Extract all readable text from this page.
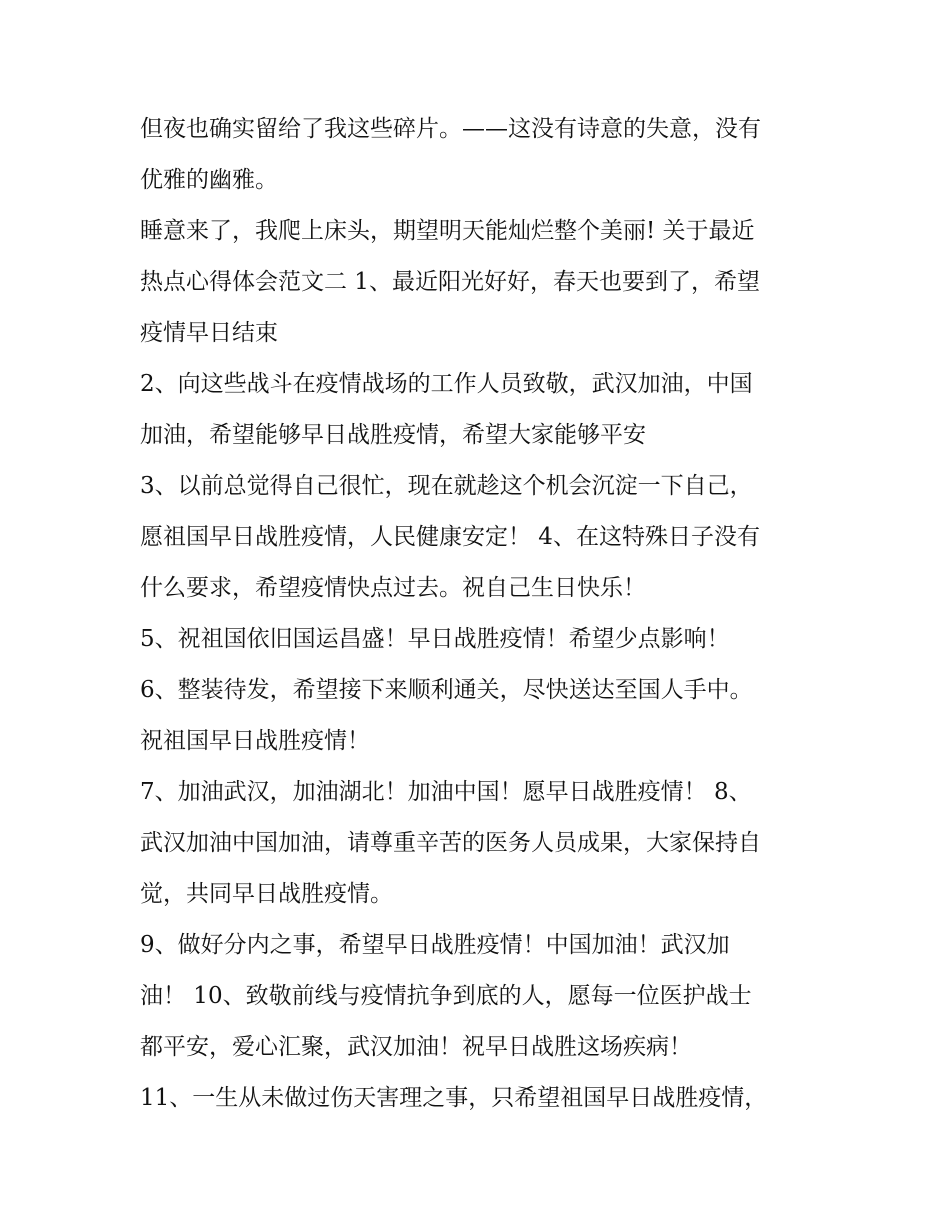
但夜也确实留给了我这些碎片。——这没有诗意的失意，没有
优雅的幽雅。

睡意来了，我爬上床头，期望明天能灿烂整个美丽! 关于最近
热点心得体会范文二 1、最近阳光好好，春天也要到了，希望
疫情早日结束

2、向这些战斗在疫情战场的工作人员致敬，武汉加油，中国
加油，希望能够早日战胜疫情，希望大家能够平安

3、以前总觉得自己很忙，现在就趁这个机会沉淀一下自己，
愿祖国早日战胜疫情，人民健康安定！ 4、在这特殊日子没有
什么要求，希望疫情快点过去。祝自己生日快乐！

5、祝祖国依旧国运昌盛！早日战胜疫情！希望少点影响！

6、整装待发，希望接下来顺利通关，尽快送达至国人手中。
祝祖国早日战胜疫情！

7、加油武汉，加油湖北！加油中国！愿早日战胜疫情！ 8、
武汉加油中国加油，请尊重辛苦的医务人员成果，大家保持自
觉，共同早日战胜疫情。

9、做好分内之事，希望早日战胜疫情！中国加油！武汉加
油！ 10、致敬前线与疫情抗争到底的人，愿每一位医护战士
都平安，爱心汇聚，武汉加油！祝早日战胜这场疾病！

11、一生从未做过伤天害理之事，只希望祖国早日战胜疫情，
